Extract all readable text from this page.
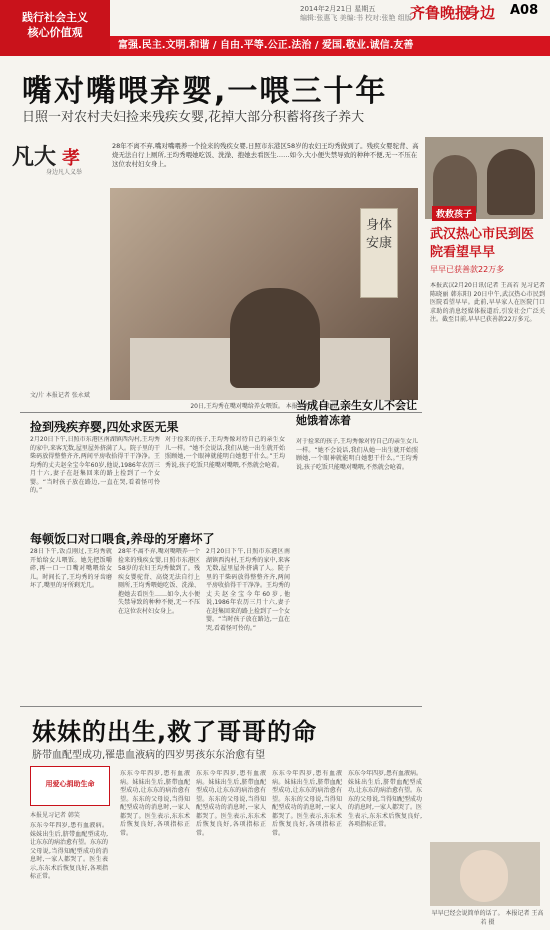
践行社会主义
核心价值观
2014年2月21日 星期五
编辑:张惠飞 美编:书 校对:张艳 组版
齐鲁晚报
身边 A08
富强.民主.文明.和谐 / 自由.平等.公正.法治 / 爱国.敬业.诚信.友善
嘴对嘴喂弃婴,一喂三十年
日照一对农村夫妇捡来残疾女婴,花掉大部分积蓄将孩子养大
凡大 孝
身边凡人义举
28年不离不弃,嘴对嘴喂养一个捡来的残疾女婴,日照市东港区58岁的农妇王均秀做到了。残疾女婴驼背、高烧无法自行上厕所,王均秀喂她吃饭、洗澡、抱她去看医生……如今,大小便失禁导致的种种不便,无一不压在这位农村妇女身上。
身体安康
20日,王均秀在嘴对嘴给养女喂饭。 本报记者 张永斌 摄
文/片 本报记者 张永斌
捡到残疾弃婴,四处求医无果
2月20日下午,日照市东港区南湖镇西沟村,王均秀的家中,来客无数,屋里屋外挤满了人。院子里的干柴码放得整整齐齐,两间平房收拾得干干净净。王均秀的丈夫赵全宝今年60岁,他说,1986年农历三月十六,妻子在赶集回来的路上捡到了一个女婴。“当时孩子放在路边,一直在哭,看着怪可怜的。”
对于捡来的孩子,王均秀像对待自己的亲生女儿一样。“她不会说话,我们从她一出生就开始照顾她,一个眼神就能明白她想干什么。”王均秀说,孩子吃饭只能嘴对嘴喂,不然就会呛着。
当成自己亲生女儿不会让她饿着冻着
对于捡来的孩子,王均秀像对待自己的亲生女儿一样。“她不会说话,我们从她一出生就开始照顾她,一个眼神就能明白她想干什么。”王均秀说,孩子吃饭只能嘴对嘴喂,不然就会呛着。
每顿饭口对口喂食,养母的牙磨坏了
28日下午,饭点刚过,王均秀就开始给女儿喂饭。她先把饭嚼碎,再一口一口嘴对嘴喂给女儿。时间长了,王均秀的牙齿磨坏了,嘴里的牙所剩无几。
28年不离不弃,嘴对嘴喂养一个捡来的残疾女婴,日照市东港区58岁的农妇王均秀做到了。残疾女婴驼背、高烧无法自行上厕所,王均秀喂她吃饭、洗澡、抱她去看医生……如今,大小便失禁导致的种种不便,无一不压在这位农村妇女身上。
2月20日下午,日照市东港区南湖镇西沟村,王均秀的家中,来客无数,屋里屋外挤满了人。院子里的干柴码放得整整齐齐,两间平房收拾得干干净净。王均秀的丈夫赵全宝今年60岁,他说,1986年农历三月十六,妻子在赶集回来的路上捡到了一个女婴。“当时孩子放在路边,一直在哭,看着怪可怜的。”
救救孩子
武汉热心市民到医院看望早早
早早已获善款22万多
本报武汉2月20日讯(记者 王高若 见习记者 陈晓丽 韩东阳) 20日中午,武汉热心市民到医院看望早早。此前,早早家人在医院门口求助的消息经媒体报道后,引发社会广泛关注。截至目前,早早已获善款22万多元。
早早已经会说简单的话了。 本报记者 王高若 摄
妹妹的出生,救了哥哥的命
脐带血配型成功,罹患血液病的四岁男孩东东治愈有望
用爱心捐助生命
本报见习记者 韩笑
东东今年四岁,患有血液病。妹妹出生后,脐带血配型成功,让东东的病治愈有望。东东的父母说,当得知配型成功的消息时,一家人都哭了。医生表示,东东术后恢复良好,各项指标正常。
东东今年四岁,患有血液病。妹妹出生后,脐带血配型成功,让东东的病治愈有望。东东的父母说,当得知配型成功的消息时,一家人都哭了。医生表示,东东术后恢复良好,各项指标正常。
东东今年四岁,患有血液病。妹妹出生后,脐带血配型成功,让东东的病治愈有望。东东的父母说,当得知配型成功的消息时,一家人都哭了。医生表示,东东术后恢复良好,各项指标正常。
东东今年四岁,患有血液病。妹妹出生后,脐带血配型成功,让东东的病治愈有望。东东的父母说,当得知配型成功的消息时,一家人都哭了。医生表示,东东术后恢复良好,各项指标正常。
东东今年四岁,患有血液病。妹妹出生后,脐带血配型成功,让东东的病治愈有望。东东的父母说,当得知配型成功的消息时,一家人都哭了。医生表示,东东术后恢复良好,各项指标正常。
